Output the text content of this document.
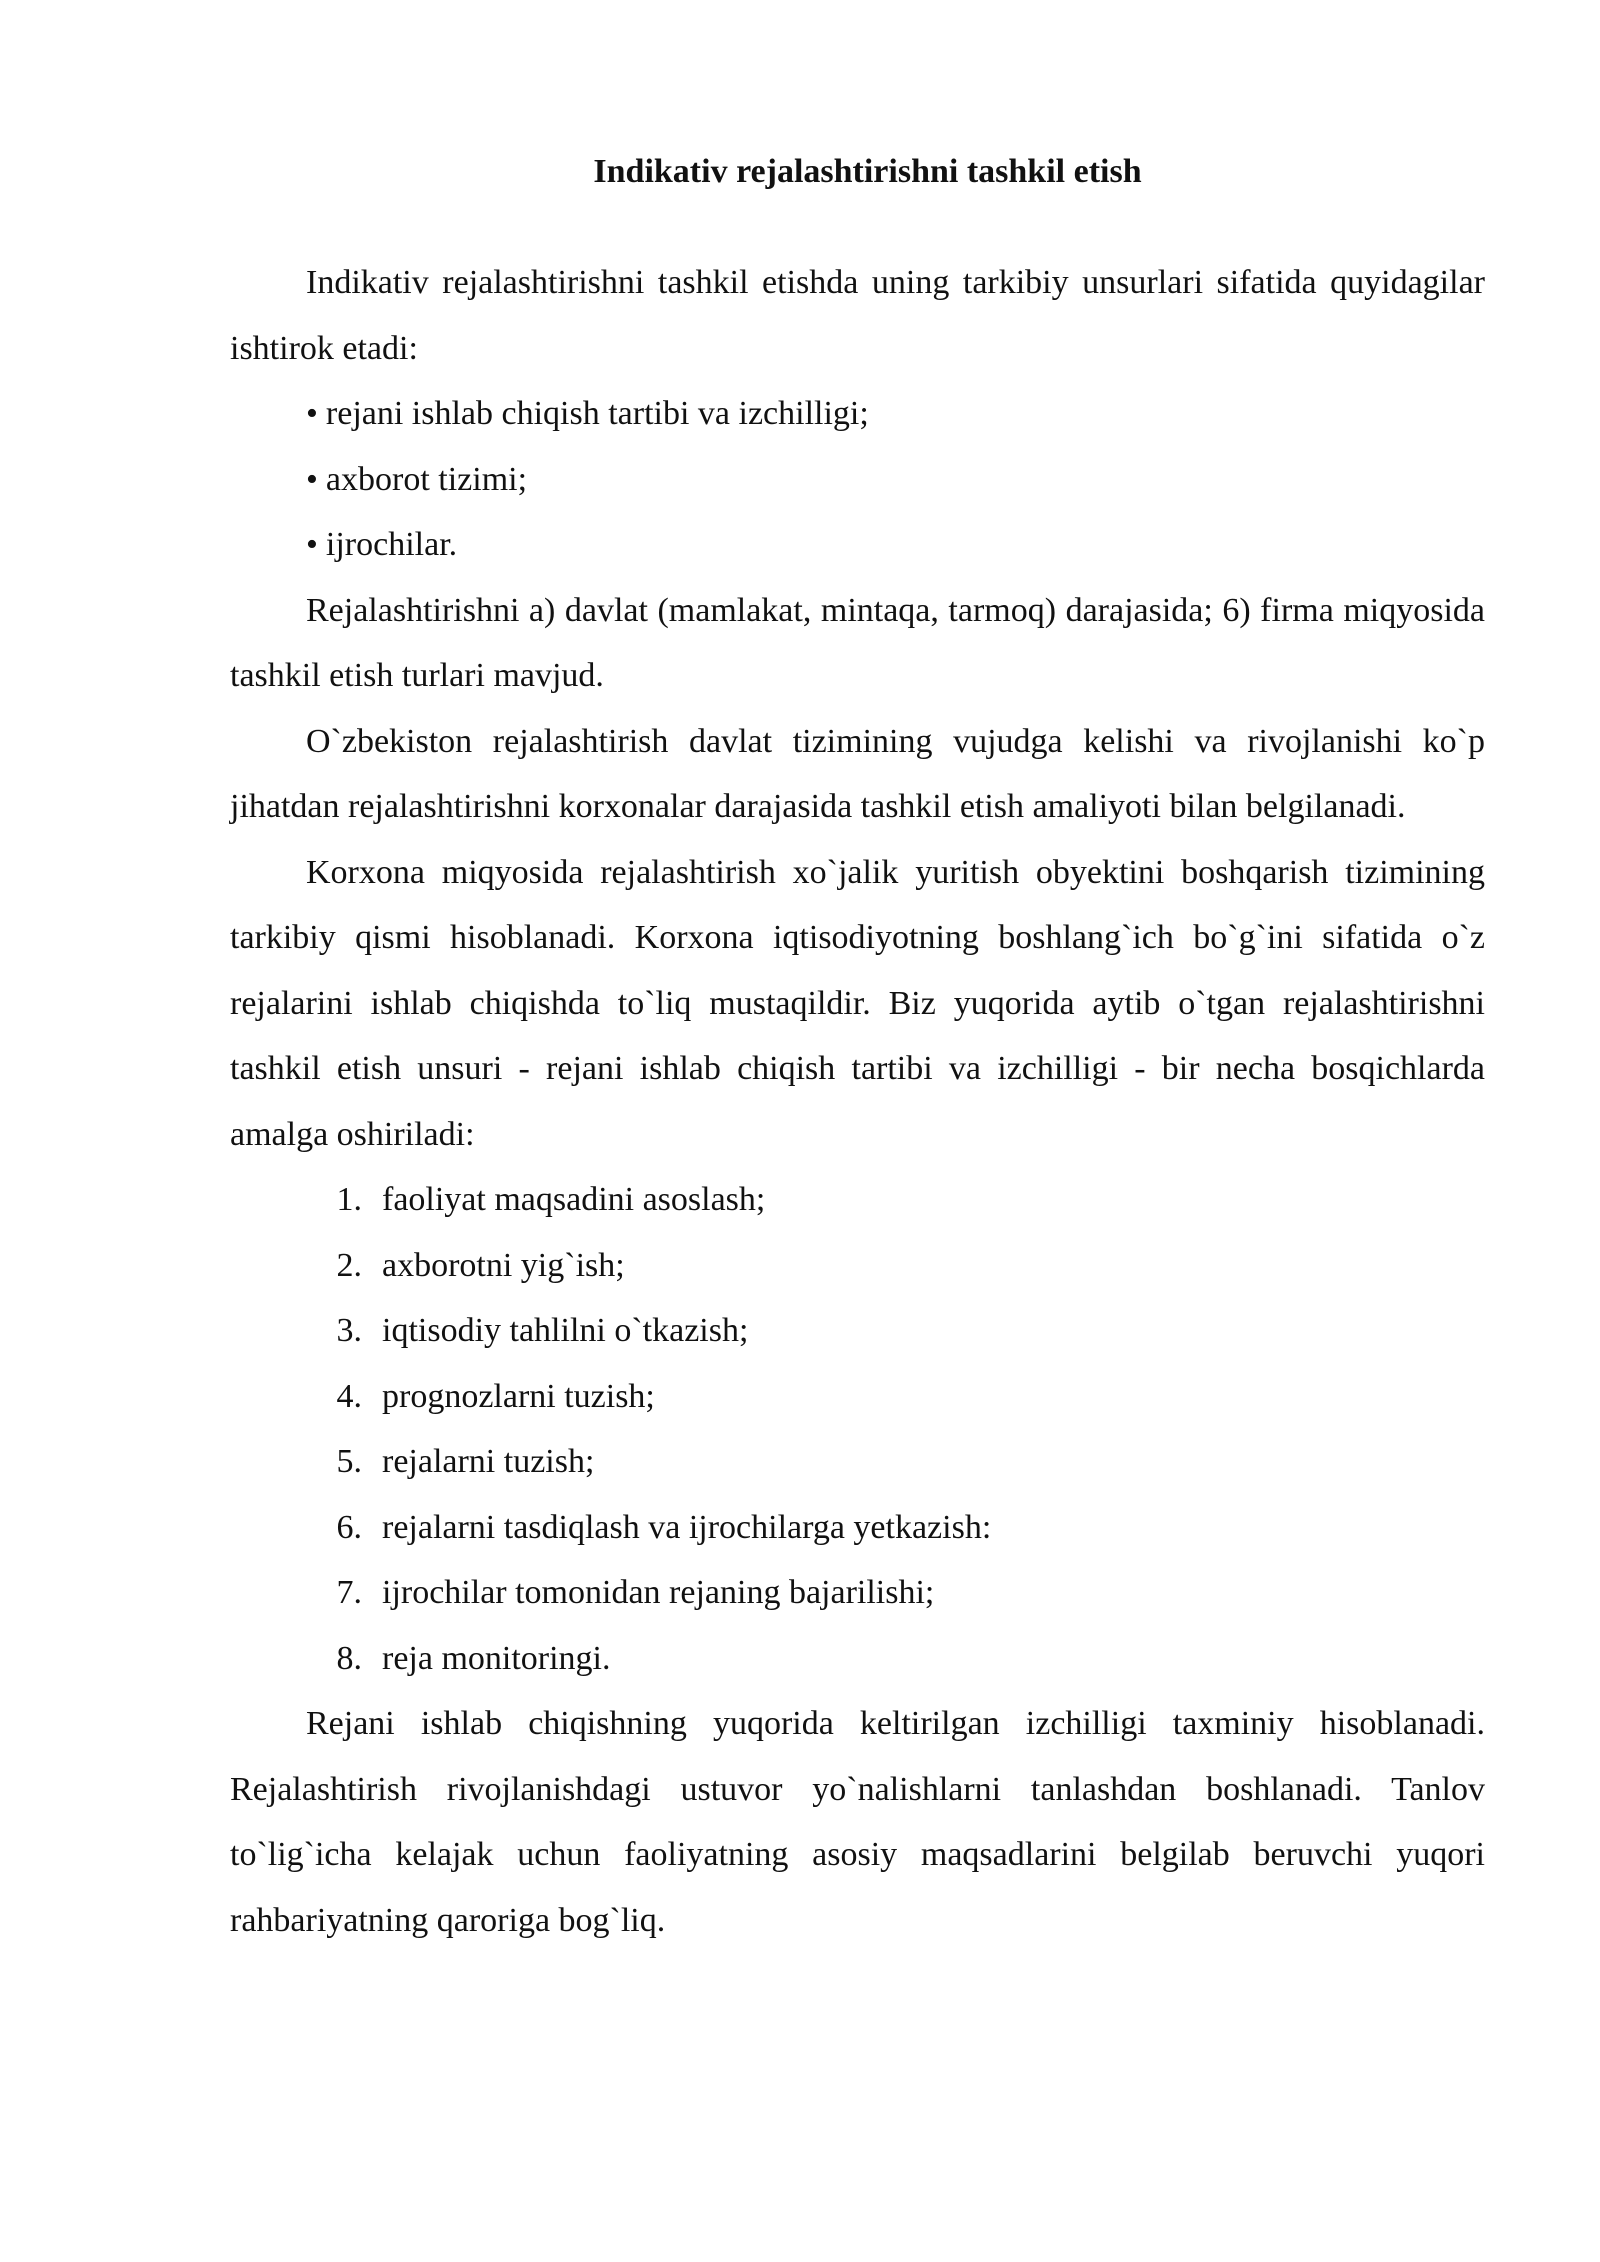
Indikativ rejalashtirishni tashkil etish

Indikativ rejalashtirishni tashkil etishda uning tarkibiy unsurlari sifatida quyidagilar ishtirok etadi:

• rejani ishlab chiqish tartibi va izchilligi;
• axborot tizimi;
• ijrochilar.

Rejalashtirishni a) davlat (mamlakat, mintaqa, tarmoq) darajasida; 6) firma miqyosida tashkil etish turlari mavjud.

O`zbekiston rejalashtirish davlat tizimining vujudga kelishi va rivojlanishi ko`p jihatdan rejalashtirishni korxonalar darajasida tashkil etish amaliyoti bilan belgilanadi.

Korxona miqyosida rejalashtirish xo`jalik yuritish obyektini boshqarish tizimining tarkibiy qismi hisoblanadi. Korxona iqtisodiyotning boshlang`ich bo`g`ini sifatida o`z rejalarini ishlab chiqishda to`liq mustaqildir. Biz yuqorida aytib o`tgan rejalashtirishni tashkil etish unsuri - rejani ishlab chiqish tartibi va izchilligi - bir necha bosqichlarda amalga oshiriladi:

1. faoliyat maqsadini asoslash;
2. axborotni yig`ish;
3. iqtisodiy tahlilni o`tkazish;
4. prognozlarni tuzish;
5. rejalarni tuzish;
6. rejalarni tasdiqlash va ijrochilarga yetkazish:
7. ijrochilar tomonidan rejaning bajarilishi;
8. reja monitoringi.

Rejani ishlab chiqishning yuqorida keltirilgan izchilligi taxminiy hisoblanadi. Rejalashtirish rivojlanishdagi ustuvor yo`nalishlarni tanlashdan boshlanadi. Tanlov to`lig`icha kelajak uchun faoliyatning asosiy maqsadlarini belgilab beruvchi yuqori rahbariyatning qaroriga bog`liq.
